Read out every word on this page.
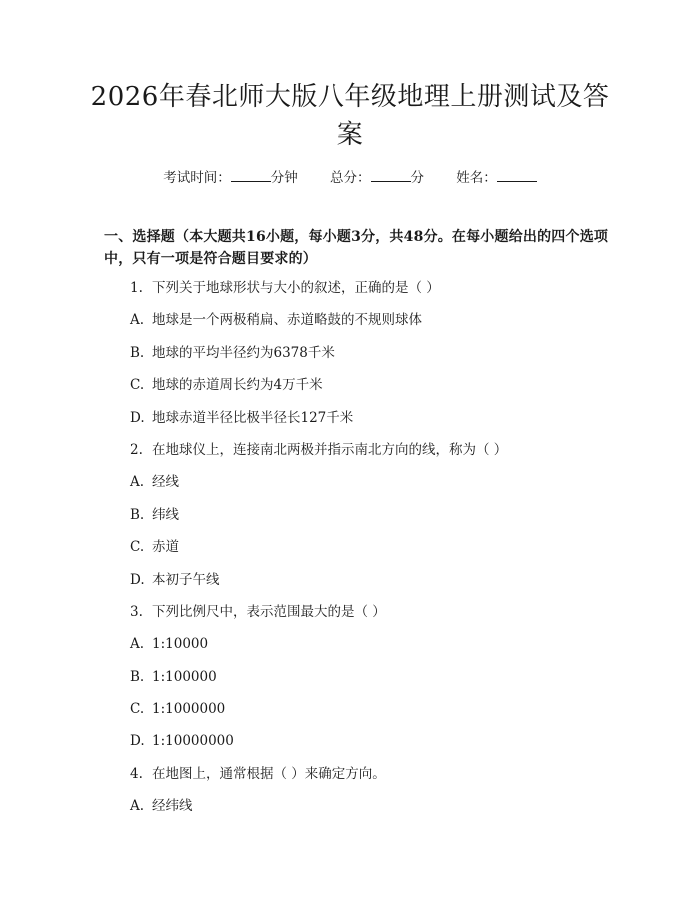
2026年春北师大版八年级地理上册测试及答案
考试时间：	分钟 总分：	分 姓名：
一、选择题（本大题共16小题，每小题3分，共48分。在每小题给出的四个选项中，只有一项是符合题目要求的）
1. 下列关于地球形状与大小的叙述，正确的是（ ）
A. 地球是一个两极稍扁、赤道略鼓的不规则球体
B. 地球的平均半径约为6378千米
C. 地球的赤道周长约为4万千米
D. 地球赤道半径比极半径长127千米
2. 在地球仪上，连接南北两极并指示南北方向的线，称为（ ）
A. 经线
B. 纬线
C. 赤道
D. 本初子午线
3. 下列比例尺中，表示范围最大的是（ ）
A. 1:10000
B. 1:100000
C. 1:1000000
D. 1:10000000
4. 在地图上，通常根据（ ）来确定方向。
A. 经纬线
